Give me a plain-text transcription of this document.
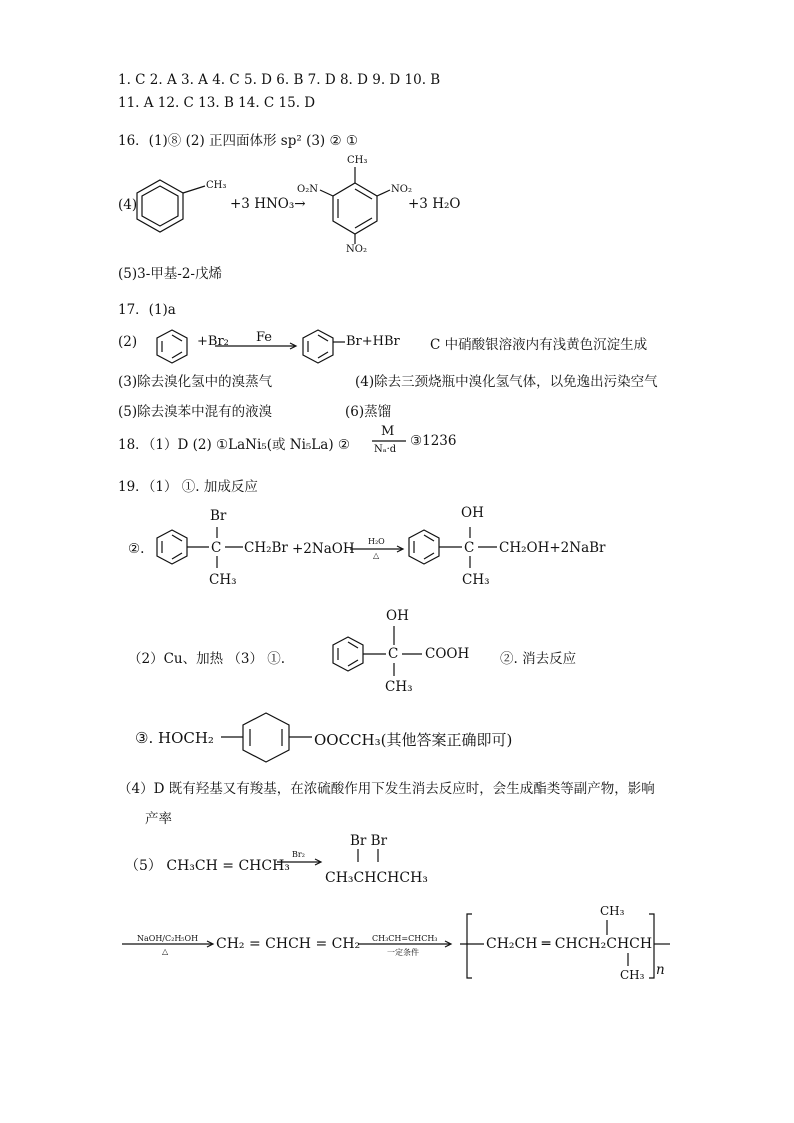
1. C 2. A 3. A 4. C 5. D 6. B 7. D 8. D 9. D 10. B
11. A 12. C 13. B 14. C 15. D
16．(1)⑧ (2) 正四面体形 sp² (3) ② ①
(4)	+3 HNO₃→	+3 H₂O
(5)3-甲基-2-戊烯
CH₃
CH₃
NO₂
O₂N
NO₂
17．(1)a
(2)	+Br₂ Fe	Br+HBr C 中硝酸银溶液内有浅黄色沉淀生成
(3)除去溴化氢中的溴蒸气	(4)除去三颈烧瓶中溴化氢气体，以免逸出污染空气
(5)除去溴苯中混有的液溴	(6)蒸馏
18．（1）D (2) ①LaNi₅(或 Ni₅La) ②
M
Nₐ·d
③1236
19．（1） ①. 加成反应
②.
Br
C CH₂Br
CH₃
+2NaOH H₂O
△
OH
C CH₂OH+2NaBr
CH₃
（2）Cu、加热 （3） ①.
OH
C COOH
CH₃
②. 消去反应
③. HOCH₂	OOCCH₃(其他答案正确即可)
（4）D 既有羟基又有羧基，在浓硫酸作用下发生消去反应时，会生成酯类等副产物，影响
产率
Br Br
（5） CH₃CH = CHCH₃
Br₂
CH₃CHCHCH₃
NaOH/C₂H₅OH
△	CH₂ = CHCH = CH₂ CH₃CH=CHCH₃
一定条件
CH₃
CH₂CH ═ CHCH₂CHCH
CH₃ n
